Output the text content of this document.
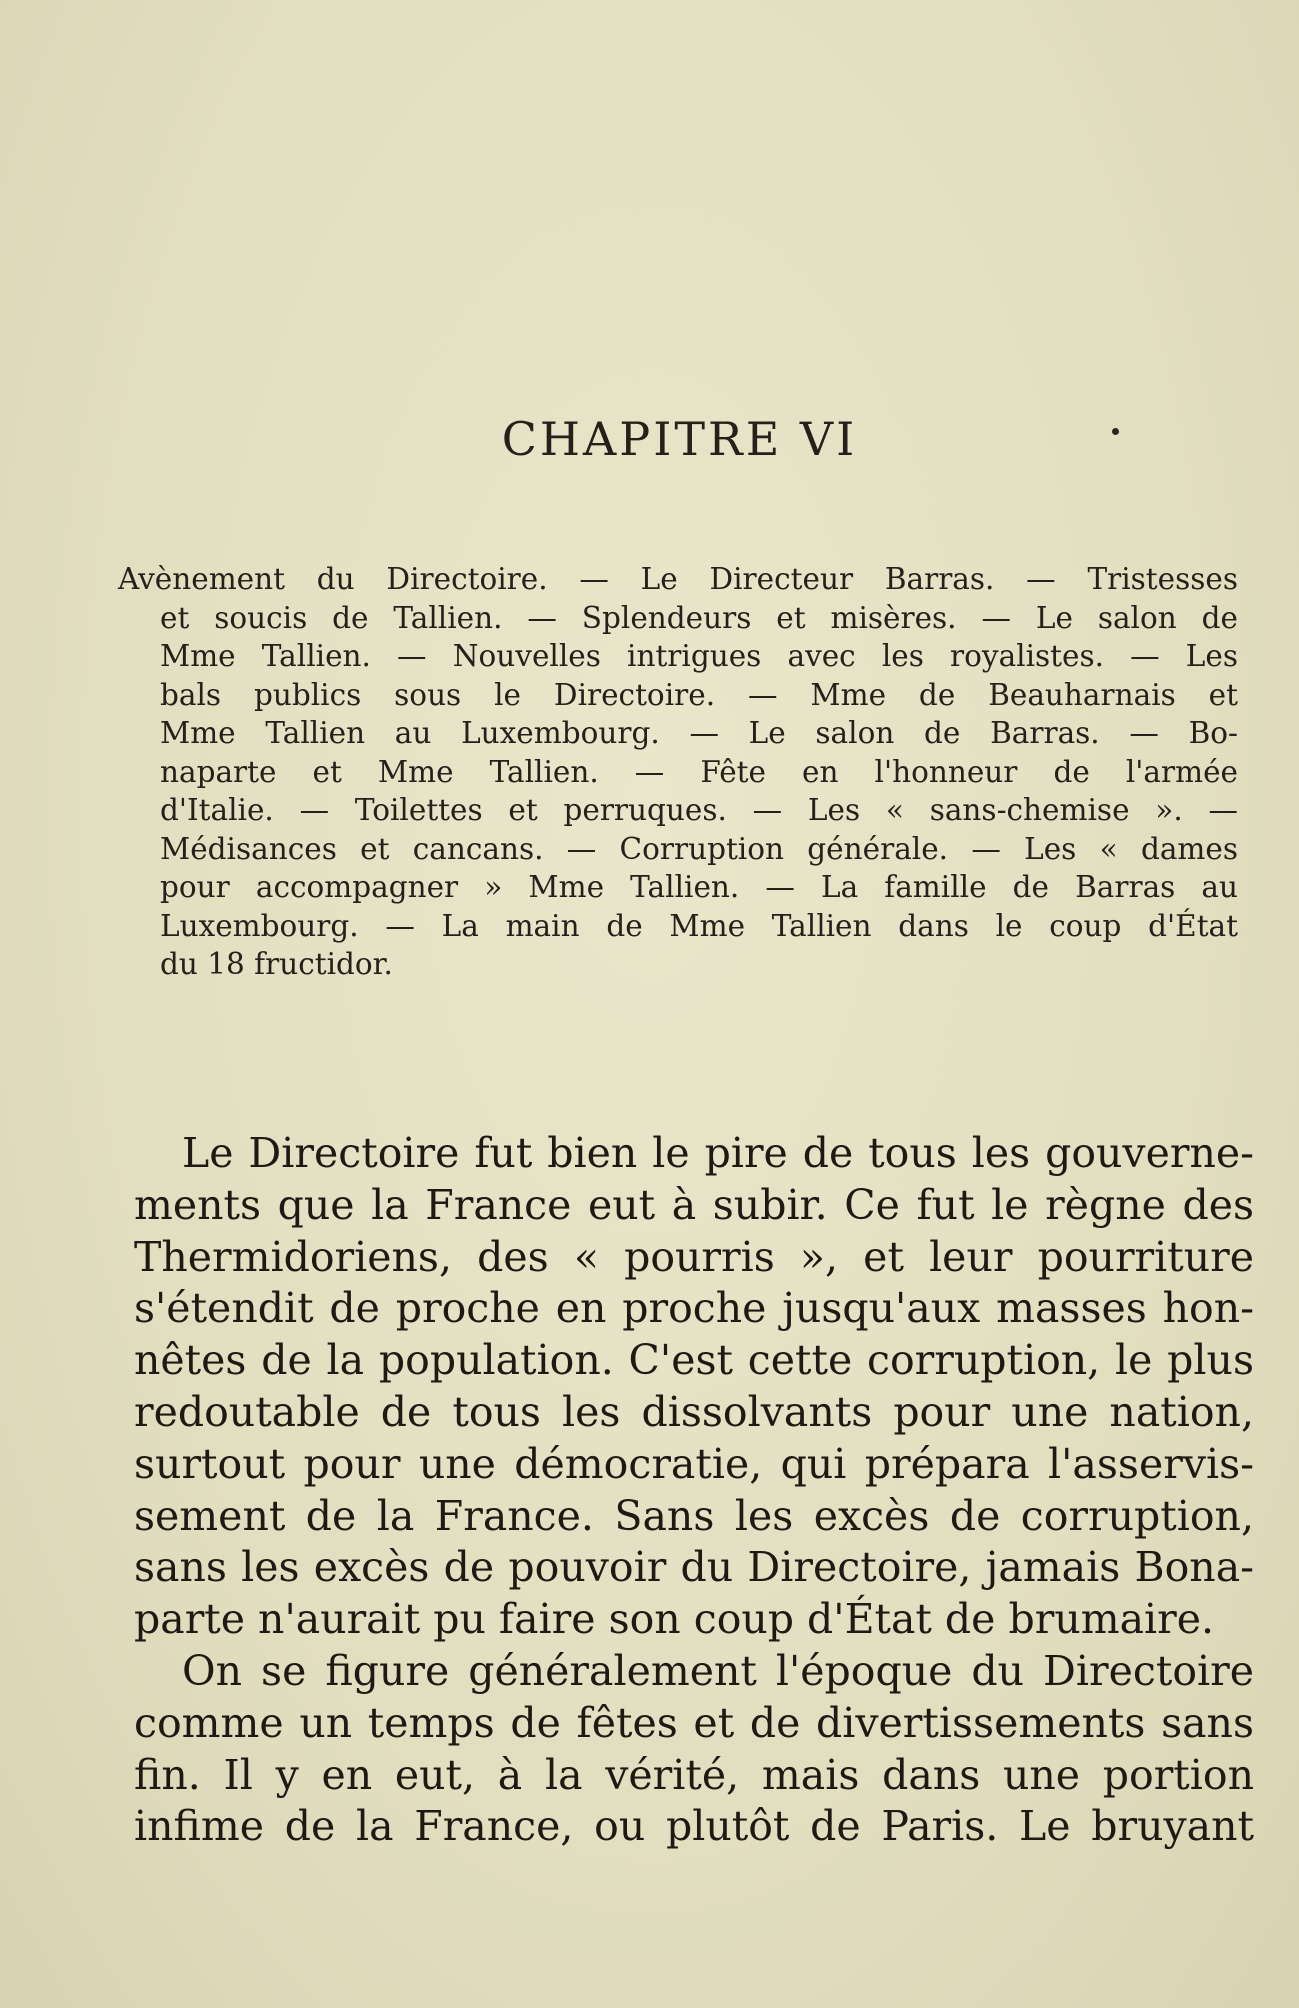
CHAPITRE VI
Avènement du Directoire. — Le Directeur Barras. — Tristesses
et soucis de Tallien. — Splendeurs et misères. — Le salon de
Mme Tallien. — Nouvelles intrigues avec les royalistes. — Les
bals publics sous le Directoire. — Mme de Beauharnais et
Mme Tallien au Luxembourg. — Le salon de Barras. — Bo-
naparte et Mme Tallien. — Fête en l'honneur de l'armée
d'Italie. — Toilettes et perruques. — Les « sans-chemise ». —
Médisances et cancans. — Corruption générale. — Les « dames
pour accompagner » Mme Tallien. — La famille de Barras au
Luxembourg. — La main de Mme Tallien dans le coup d'État
du 18 fructidor.
Le Directoire fut bien le pire de tous les gouverne-
ments que la France eut à subir. Ce fut le règne des
Thermidoriens, des « pourris », et leur pourriture
s'étendit de proche en proche jusqu'aux masses hon-
nêtes de la population. C'est cette corruption, le plus
redoutable de tous les dissolvants pour une nation,
surtout pour une démocratie, qui prépara l'asservis-
sement de la France. Sans les excès de corruption,
sans les excès de pouvoir du Directoire, jamais Bona-
parte n'aurait pu faire son coup d'État de brumaire.
On se figure généralement l'époque du Directoire
comme un temps de fêtes et de divertissements sans
fin. Il y en eut, à la vérité, mais dans une portion
infime de la France, ou plutôt de Paris. Le bruyant
